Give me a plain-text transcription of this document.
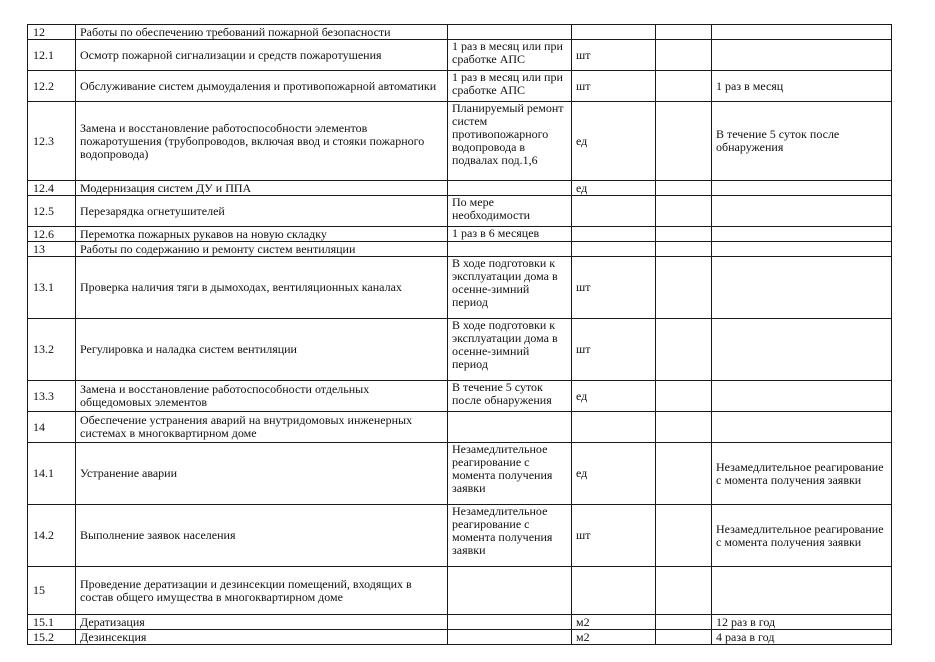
12	Работы по обеспечению требований пожарной безопасности				
12.1	Осмотр пожарной сигнализации и средств пожаротушения	1 раз в месяц или при сработке АПС	шт		
12.2	Обслуживание систем дымоудаления и противопожарной автоматики	1 раз в месяц или при сработке АПС	шт		1 раз в месяц
12.3	Замена и восстановление работоспособности элементов пожаротушения (трубопроводов, включая ввод и стояки пожарного водопровода)	Планируемый ремонт систем противопожарного водопровода в подвалах под.1,6	ед		В течение 5 суток после обнаружения
12.4	Модернизация систем ДУ и ППА		ед		
12.5	Перезарядка огнетушителей	По мере необходимости			
12.6	Перемотка пожарных рукавов на новую складку	1 раз в 6 месяцев			
13	Работы по содержанию и ремонту систем вентиляции				
13.1	Проверка наличия тяги в дымоходах, вентиляционных каналах	В ходе подготовки к эксплуатации дома в осенне-зимний период	шт		
13.2	Регулировка и наладка систем вентиляции	В ходе подготовки к эксплуатации дома в осенне-зимний период	шт		
13.3	Замена и восстановление работоспособности отдельных общедомовых элементов	В течение 5 суток после обнаружения	ед		
14	Обеспечение устранения аварий на внутридомовых инженерных системах в многоквартирном доме				
14.1	Устранение аварии	Незамедлительное реагирование с момента получения заявки	ед		Незамедлительное реагирование с момента получения заявки
14.2	Выполнение заявок населения	Незамедлительное реагирование с момента получения заявки	шт		Незамедлительное реагирование с момента получения заявки
15	Проведение дератизации и дезинсекции помещений, входящих в состав общего имущества в многоквартирном доме				
15.1	Дератизация		м2		12 раз в год
15.2	Дезинсекция		м2		4 раза в год
